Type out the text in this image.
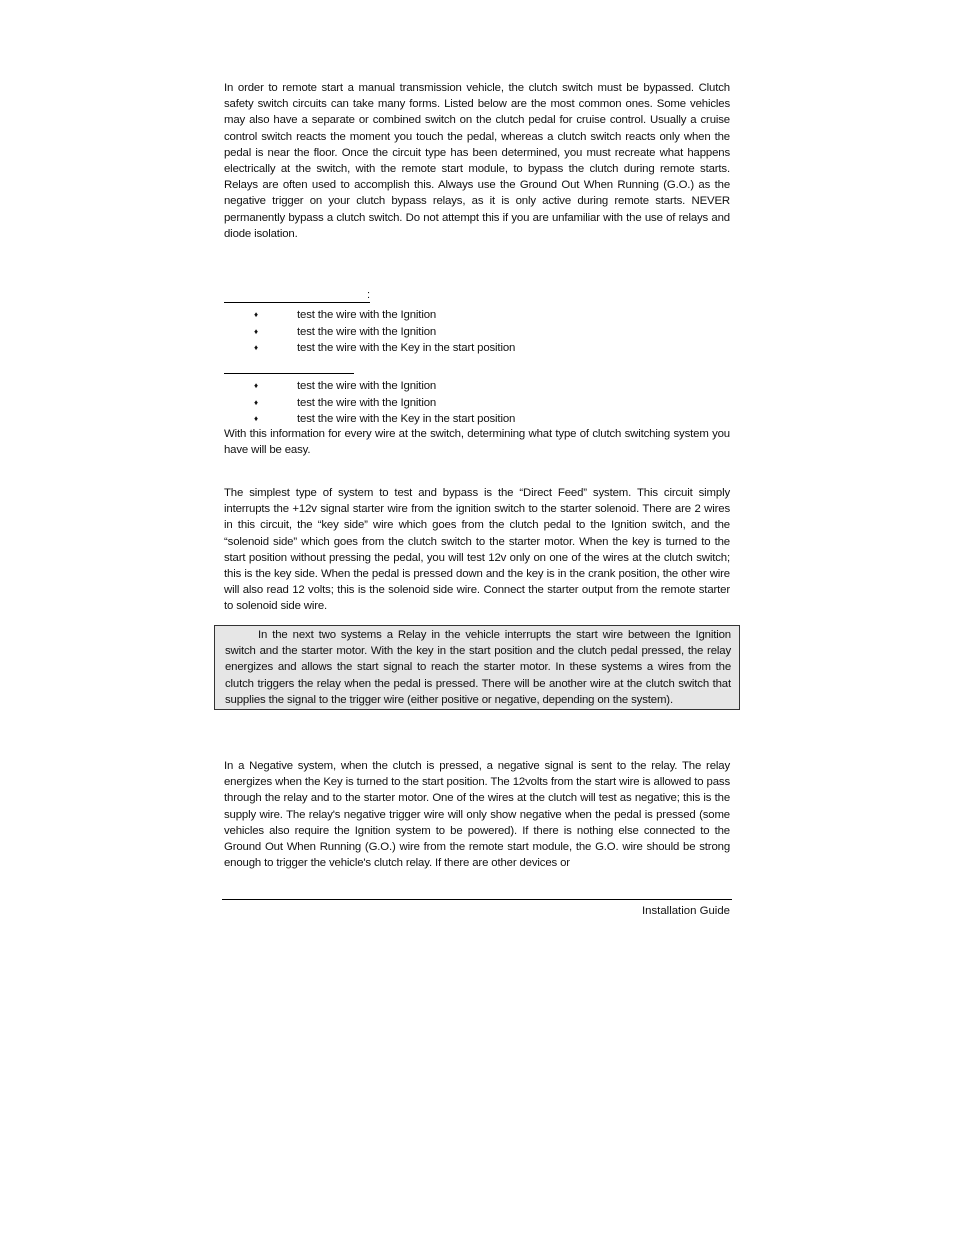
In order to remote start a manual transmission vehicle, the clutch switch must be bypassed. Clutch safety switch circuits can take many forms. Listed below are the most common ones. Some vehicles may also have a separate or combined switch on the clutch pedal for cruise control. Usually a cruise control switch reacts the moment you touch the pedal, whereas a clutch switch reacts only when the pedal is near the floor. Once the circuit type has been determined, you must recreate what happens electrically at the switch, with the remote start module, to bypass the clutch during remote starts. Relays are often used to accomplish this. Always use the Ground Out When Running (G.O.) as the negative trigger on your clutch bypass relays, as it is only active during remote starts. NEVER permanently bypass a clutch switch. Do not attempt this if you are unfamiliar with the use of relays and diode isolation.

:
♦	test the wire with the Ignition
♦	test the wire with the Ignition
♦	test the wire with the Key in the start position
♦	test the wire with the Ignition
♦	test the wire with the Ignition
♦	test the wire with the Key in the start position

With this information for every wire at the switch, determining what type of clutch switching system you have will be easy.

The simplest type of system to test and bypass is the “Direct Feed” system. This circuit simply interrupts the +12v signal starter wire from the ignition switch to the starter solenoid. There are 2 wires in this circuit, the “key side” wire which goes from the clutch pedal to the Ignition switch, and the “solenoid side” which goes from the clutch switch to the starter motor. When the key is turned to the start position without pressing the pedal, you will test 12v only on one of the wires at the clutch switch; this is the key side. When the pedal is pressed down and the key is in the crank position, the other wire will also read 12 volts; this is the solenoid side wire. Connect the starter output from the remote starter to solenoid side wire.

In the next two systems a Relay in the vehicle interrupts the start wire between the Ignition switch and the starter motor. With the key in the start position and the clutch pedal pressed, the relay energizes and allows the start signal to reach the starter motor. In these systems a wires from the clutch triggers the relay when the pedal is pressed. There will be another wire at the clutch switch that supplies the signal to the trigger wire (either positive or negative, depending on the system).

In a Negative system, when the clutch is pressed, a negative signal is sent to the relay. The relay energizes when the Key is turned to the start position. The 12volts from the start wire is allowed to pass through the relay and to the starter motor. One of the wires at the clutch will test as negative; this is the supply wire. The relay's negative trigger wire will only show negative when the pedal is pressed (some vehicles also require the Ignition system to be powered). If there is nothing else connected to the Ground Out When Running (G.O.) wire from the remote start module, the G.O. wire should be strong enough to trigger the vehicle's clutch relay. If there are other devices or

Installation Guide
